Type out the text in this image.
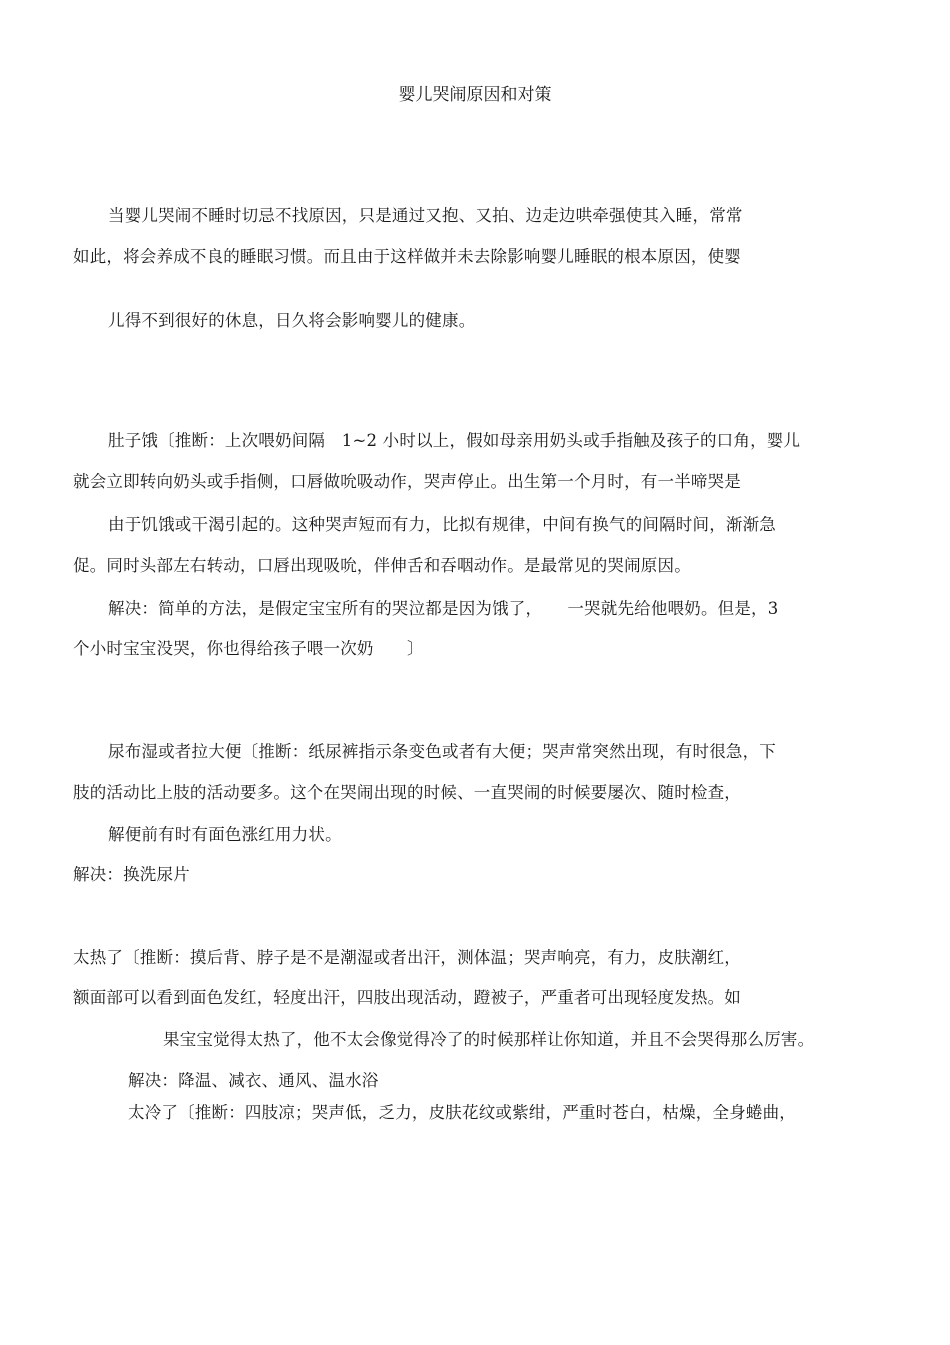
婴儿哭闹原因和对策
当婴儿哭闹不睡时切忌不找原因，只是通过又抱、又拍、边走边哄牵强使其入睡，常常
如此，将会养成不良的睡眠习惯。而且由于这样做并未去除影响婴儿睡眠的根本原因，使婴
儿得不到很好的休息，日久将会影响婴儿的健康。
肚子饿〔推断：上次喂奶间隔　1~2 小时以上，假如母亲用奶头或手指触及孩子的口角，婴儿
就会立即转向奶头或手指侧，口唇做吮吸动作，哭声停止。出生第一个月时，有一半啼哭是
由于饥饿或干渴引起的。这种哭声短而有力，比拟有规律，中间有换气的间隔时间，渐渐急
促。同时头部左右转动，口唇出现吸吮，伴伸舌和吞咽动作。是最常见的哭闹原因。
解决：简单的方法，是假定宝宝所有的哭泣都是因为饿了，　　一哭就先给他喂奶。但是，3
个小时宝宝没哭，你也得给孩子喂一次奶　　〕
尿布湿或者拉大便〔推断：纸尿裤指示条变色或者有大便；哭声常突然出现，有时很急，下
肢的活动比上肢的活动要多。这个在哭闹出现的时候、一直哭闹的时候要屡次、随时检查，
解便前有时有面色涨红用力状。
解决：换洗尿片
太热了〔推断：摸后背、脖子是不是潮湿或者出汗，测体温；哭声响亮，有力，皮肤潮红，
额面部可以看到面色发红，轻度出汗，四肢出现活动，蹬被子，严重者可出现轻度发热。如
果宝宝觉得太热了，他不太会像觉得冷了的时候那样让你知道，并且不会哭得那么厉害。
解决：降温、减衣、通风、温水浴
太冷了〔推断：四肢凉；哭声低，乏力，皮肤花纹或紫绀，严重时苍白，枯燥，全身蜷曲，
